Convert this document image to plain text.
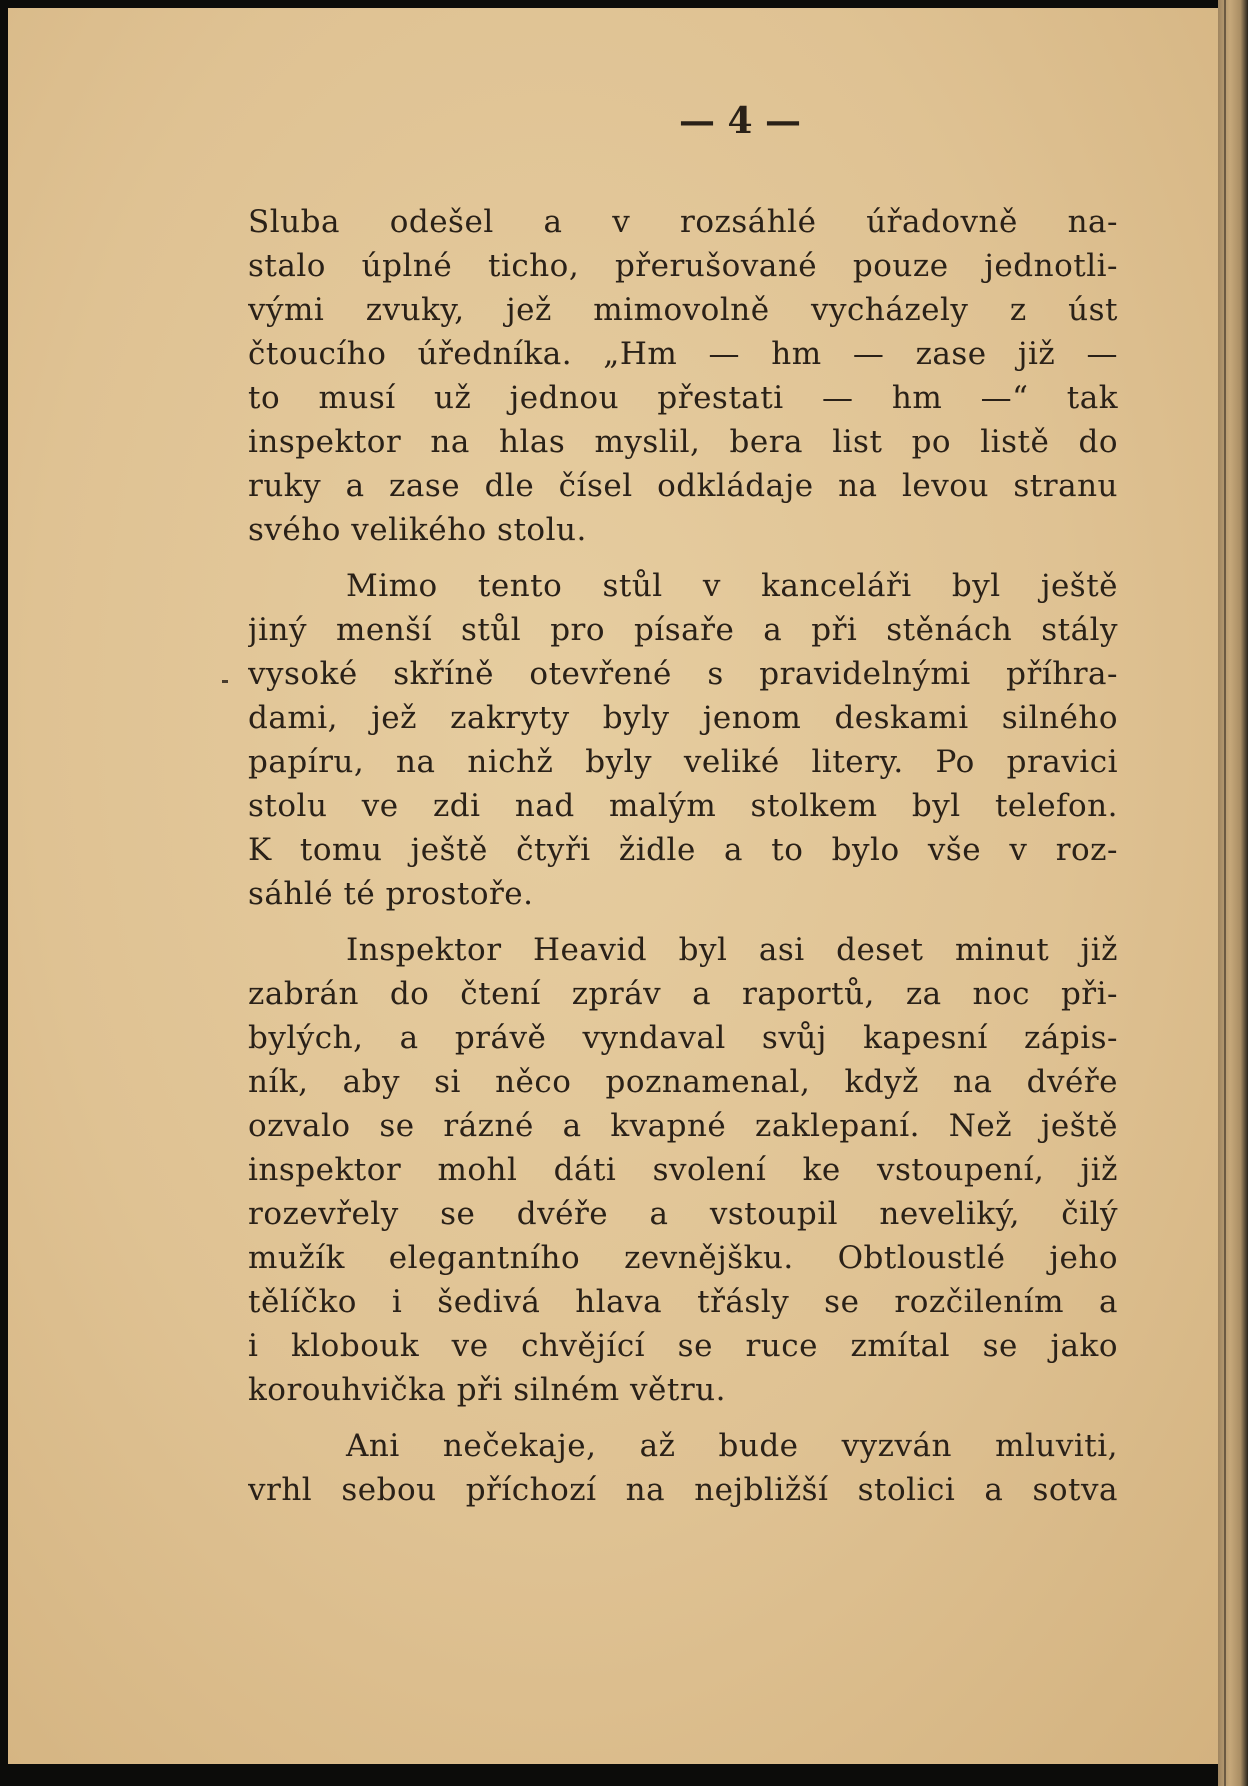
— 4 —
Sluba odešel a v rozsáhlé úřadovně na-
stalo úplné ticho, přerušované pouze jednotli-
vými zvuky, jež mimovolně vycházely z úst
čtoucího úředníka. „Hm — hm — zase již —
to musí už jednou přestati — hm —“ tak
inspektor na hlas myslil, bera list po listě do
ruky a zase dle čísel odkládaje na levou stranu
svého velikého stolu.
Mimo tento stůl v kanceláři byl ještě
jiný menší stůl pro písaře a při stěnách stály
vysoké skříně otevřené s pravidelnými příhra-
dami, jež zakryty byly jenom deskami silného
papíru, na nichž byly veliké litery. Po pravici
stolu ve zdi nad malým stolkem byl telefon.
K tomu ještě čtyři židle a to bylo vše v roz-
sáhlé té prostoře.
Inspektor Heavid byl asi deset minut již
zabrán do čtení zpráv a raportů, za noc při-
bylých, a právě vyndaval svůj kapesní zápis-
ník, aby si něco poznamenal, když na dvéře
ozvalo se rázné a kvapné zaklepaní. Než ještě
inspektor mohl dáti svolení ke vstoupení, již
rozevřely se dvéře a vstoupil neveliký, čilý
mužík elegantního zevnějšku. Obtloustlé jeho
tělíčko i šedivá hlava třásly se rozčilením a
i klobouk ve chvějící se ruce zmítal se jako
korouhvička při silném větru.
Ani nečekaje, až bude vyzván mluviti,
vrhl sebou příchozí na nejbližší stolici a sotva
